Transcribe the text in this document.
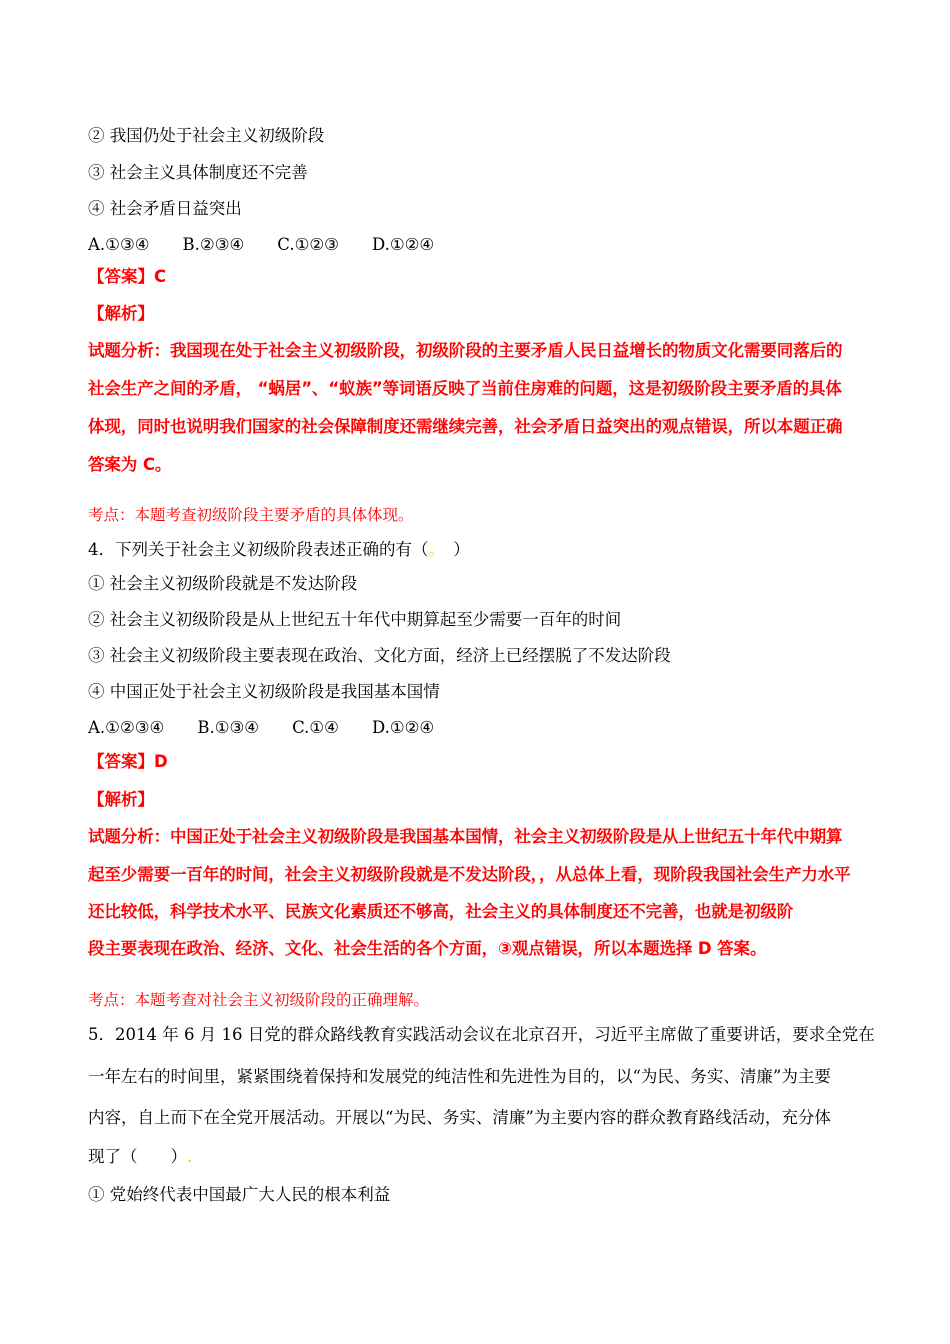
② 我国仍处于社会主义初级阶段
③ 社会主义具体制度还不完善
④ 社会矛盾日益突出
A.①③④　　B.②③④　　C.①②③　　D.①②④
【答案】C
【解析】
试题分析：我国现在处于社会主义初级阶段，初级阶段的主要矛盾人民日益增长的物质文化需要同落后的
社会生产之间的矛盾， “蜗居”、“蚁族”等词语反映了当前住房难的问题，这是初级阶段主要矛盾的具体
体现，同时也说明我们国家的社会保障制度还需继续完善，社会矛盾日益突出的观点错误，所以本题正确
答案为 C。
考点：本题考查初级阶段主要矛盾的具体体现。
4．下列关于社会主义初级阶段表述正确的有（。　）
① 社会主义初级阶段就是不发达阶段
② 社会主义初级阶段是从上世纪五十年代中期算起至少需要一百年的时间
③ 社会主义初级阶段主要表现在政治、文化方面，经济上已经摆脱了不发达阶段
④ 中国正处于社会主义初级阶段是我国基本国情
A.①②③④　　B.①③④　　C.①④　　D.①②④
【答案】D
【解析】
试题分析：中国正处于社会主义初级阶段是我国基本国情，社会主义初级阶段是从上世纪五十年代中期算
起至少需要一百年的时间，社会主义初级阶段就是不发达阶段，，从总体上看，现阶段我国社会生产力水平
还比较低，科学技术水平、民族文化素质还不够高，社会主义的具体制度还不完善，也就是初级阶
段主要表现在政治、经济、文化、社会生活的各个方面，③观点错误，所以本题选择 D 答案。
考点：本题考查对社会主义初级阶段的正确理解。
5．2014 年 6 月 16 日党的群众路线教育实践活动会议在北京召开，习近平主席做了重要讲话，要求全党在
一年左右的时间里，紧紧围绕着保持和发展党的纯洁性和先进性为目的，以“为民、务实、清廉”为主要
内容，自上而下在全党开展活动。开展以“为民、务实、清廉”为主要内容的群众教育路线活动，充分体
现了（　　）.
① 党始终代表中国最广大人民的根本利益
